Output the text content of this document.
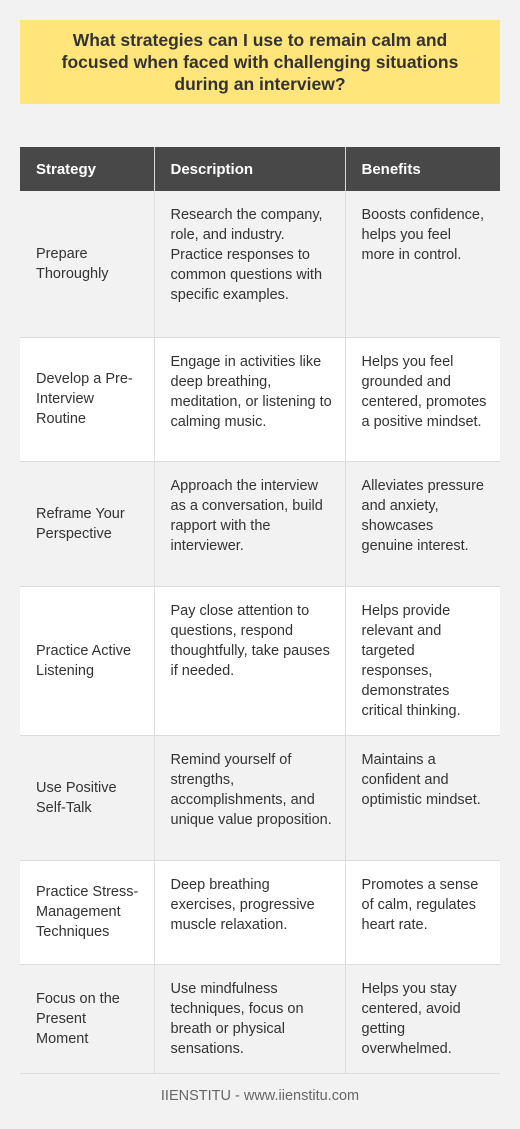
What strategies can I use to remain calm and focused when faced with challenging situations during an interview?
Strategy	Description	Benefits
Prepare Thoroughly	Research the company, role, and industry. Practice responses to common questions with specific examples.	Boosts confidence, helps you feel more in control.
Develop a Pre-Interview Routine	Engage in activities like deep breathing, meditation, or listening to calming music.	Helps you feel grounded and centered, promotes a positive mindset.
Reframe Your Perspective	Approach the interview as a conversation, build rapport with the interviewer.	Alleviates pressure and anxiety, showcases genuine interest.
Practice Active Listening	Pay close attention to questions, respond thoughtfully, take pauses if needed.	Helps provide relevant and targeted responses, demonstrates critical thinking.
Use Positive Self-Talk	Remind yourself of strengths, accomplishments, and unique value proposition.	Maintains a confident and optimistic mindset.
Practice Stress-Management Techniques	Deep breathing exercises, progressive muscle relaxation.	Promotes a sense of calm, regulates heart rate.
Focus on the Present Moment	Use mindfulness techniques, focus on breath or physical sensations.	Helps you stay centered, avoid getting overwhelmed.
IIENSTITU - www.iienstitu.com
